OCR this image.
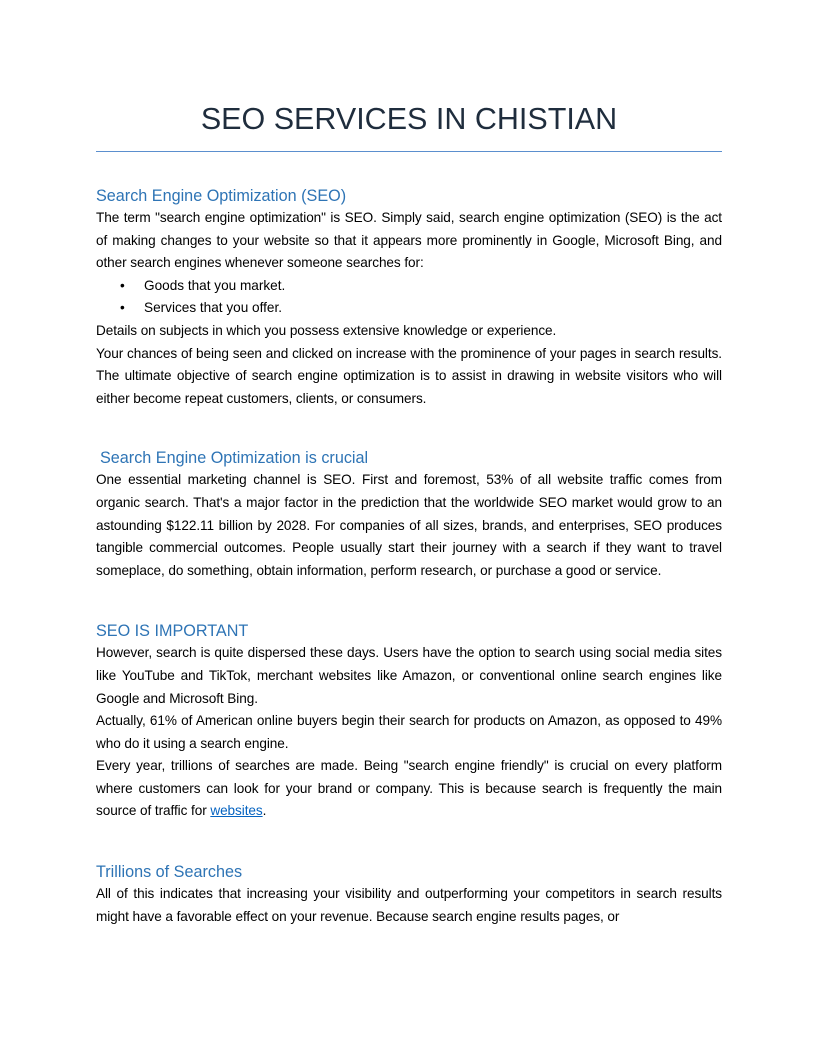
SEO SERVICES IN CHISTIAN
Search Engine Optimization (SEO)

The term "search engine optimization" is SEO. Simply said, search engine optimization (SEO) is the act of making changes to your website so that it appears more prominently in Google, Microsoft Bing, and other search engines whenever someone searches for:

• Goods that you market.
• Services that you offer.

Details on subjects in which you possess extensive knowledge or experience.

Your chances of being seen and clicked on increase with the prominence of your pages in search results. The ultimate objective of search engine optimization is to assist in drawing in website visitors who will either become repeat customers, clients, or consumers.

Search Engine Optimization is crucial

One essential marketing channel is SEO. First and foremost, 53% of all website traffic comes from organic search. That's a major factor in the prediction that the worldwide SEO market would grow to an astounding $122.11 billion by 2028. For companies of all sizes, brands, and enterprises, SEO produces tangible commercial outcomes. People usually start their journey with a search if they want to travel someplace, do something, obtain information, perform research, or purchase a good or service.

SEO IS IMPORTANT

However, search is quite dispersed these days. Users have the option to search using social media sites like YouTube and TikTok, merchant websites like Amazon, or conventional online search engines like Google and Microsoft Bing.

Actually, 61% of American online buyers begin their search for products on Amazon, as opposed to 49% who do it using a search engine.

Every year, trillions of searches are made. Being "search engine friendly" is crucial on every platform where customers can look for your brand or company. This is because search is frequently the main source of traffic for websites.

Trillions of Searches

All of this indicates that increasing your visibility and outperforming your competitors in search results might have a favorable effect on your revenue. Because search engine results pages, or
